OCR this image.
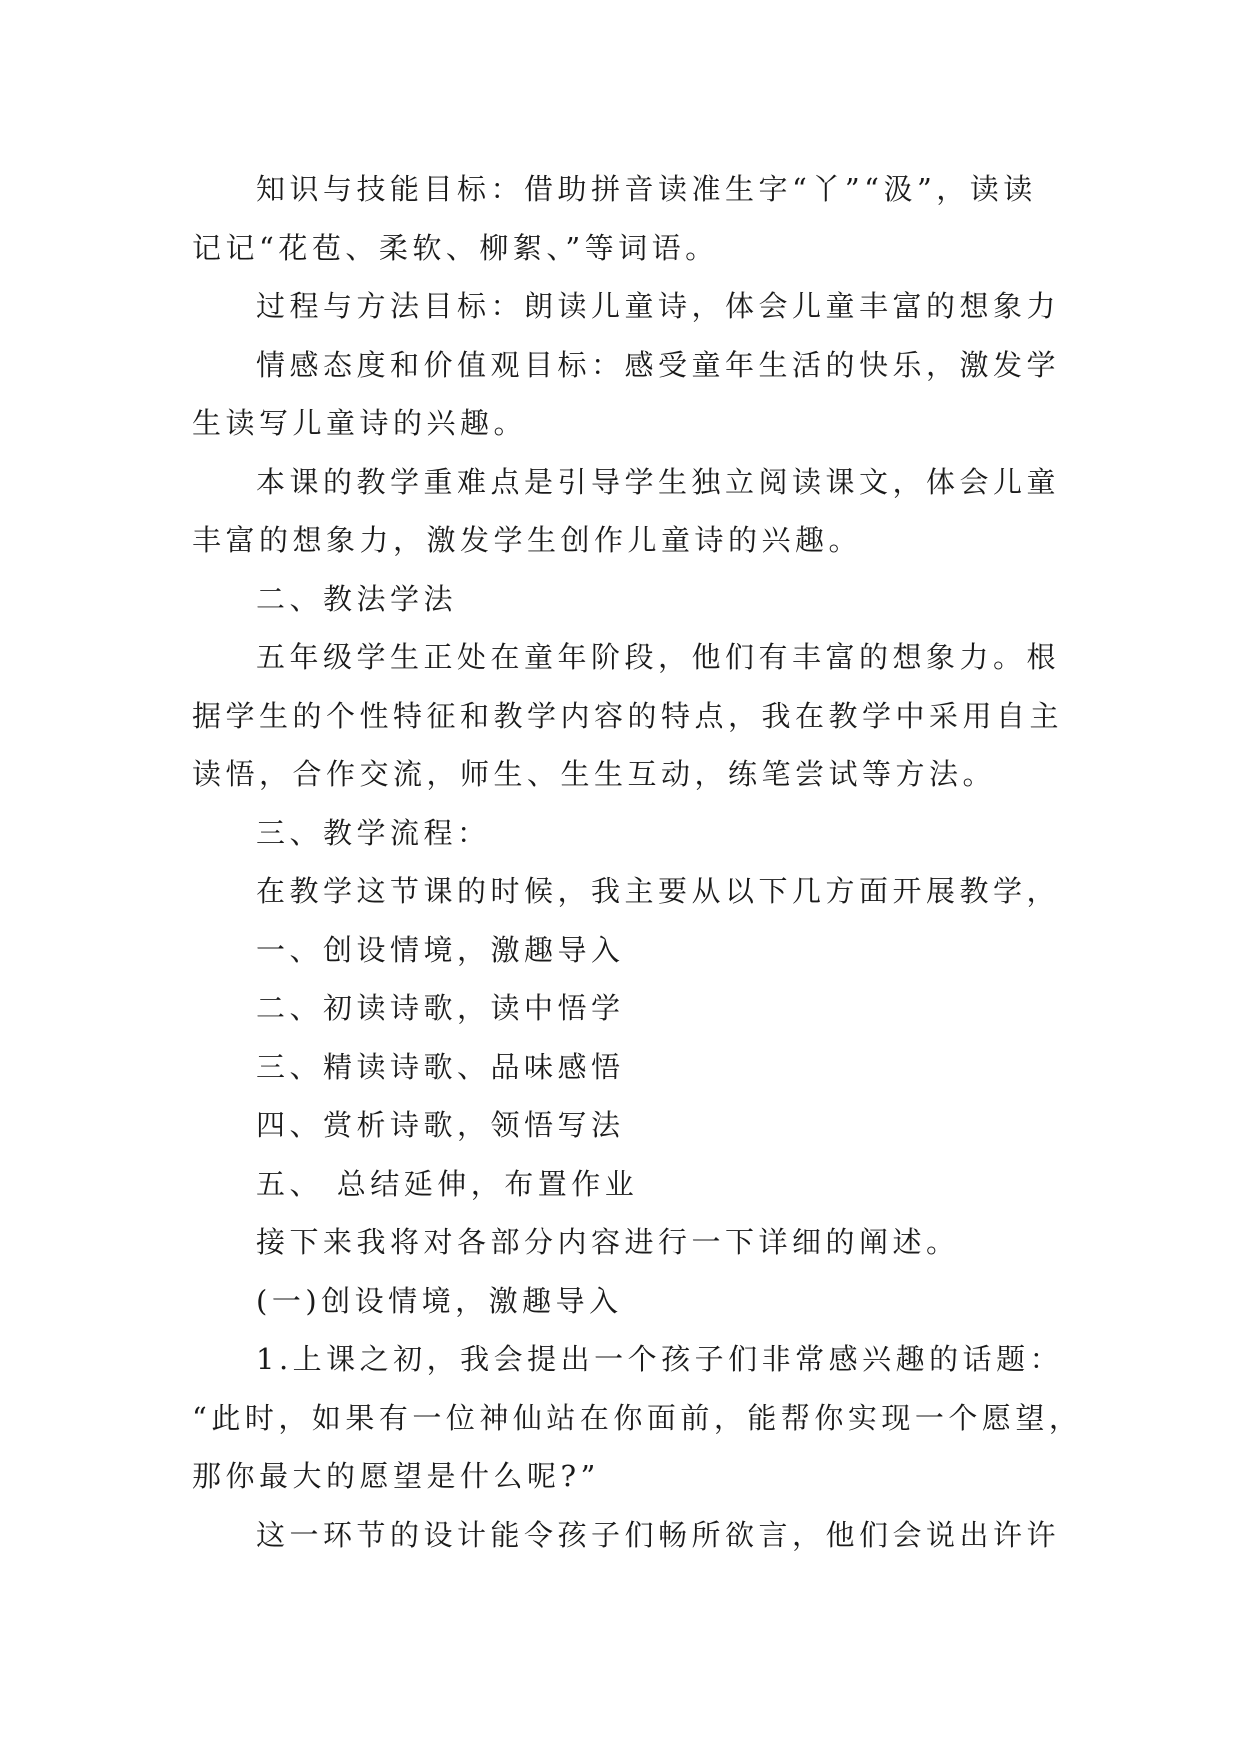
知识与技能目标：借助拼音读准生字“丫”“汲”，读读
记记“花苞、柔软、柳絮、”等词语。
过程与方法目标：朗读儿童诗，体会儿童丰富的想象力
情感态度和价值观目标：感受童年生活的快乐，激发学
生读写儿童诗的兴趣。
本课的教学重难点是引导学生独立阅读课文，体会儿童
丰富的想象力，激发学生创作儿童诗的兴趣。
二、教法学法
五年级学生正处在童年阶段，他们有丰富的想象力。根
据学生的个性特征和教学内容的特点，我在教学中采用自主
读悟，合作交流，师生、生生互动，练笔尝试等方法。
三、教学流程：
在教学这节课的时候，我主要从以下几方面开展教学，
一、创设情境，激趣导入
二、初读诗歌，读中悟学
三、精读诗歌、品味感悟
四、赏析诗歌，领悟写法
五、 总结延伸，布置作业
接下来我将对各部分内容进行一下详细的阐述。
(一)创设情境，激趣导入
1.上课之初，我会提出一个孩子们非常感兴趣的话题：
“此时，如果有一位神仙站在你面前，能帮你实现一个愿望，
那你最大的愿望是什么呢?”
这一环节的设计能令孩子们畅所欲言，他们会说出许许
